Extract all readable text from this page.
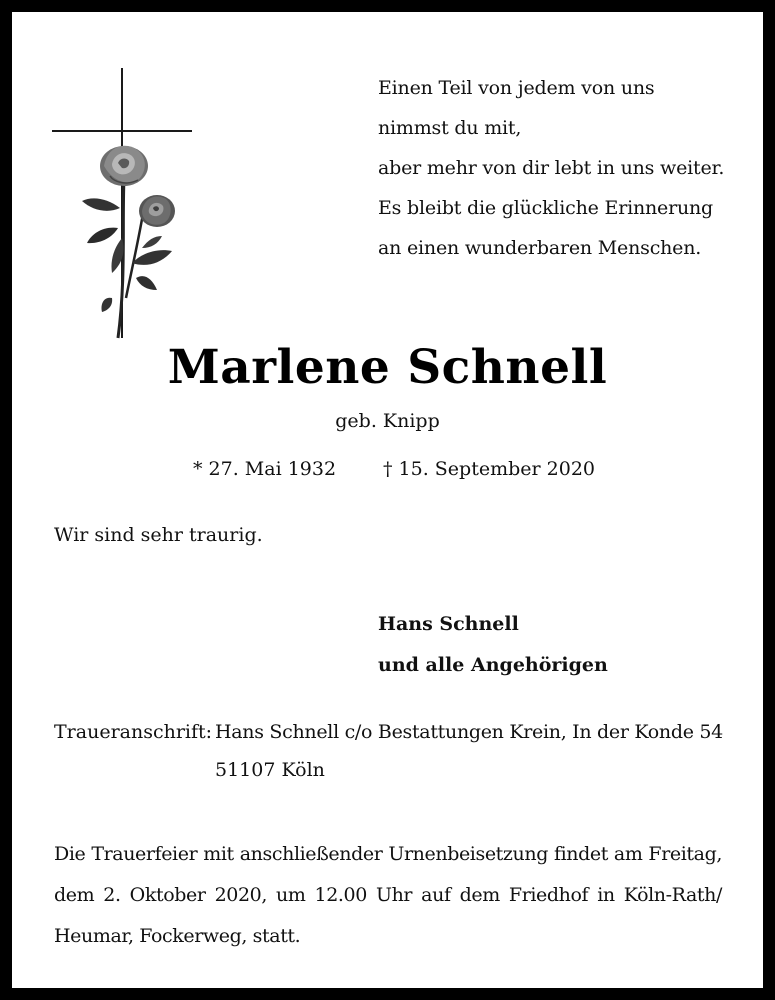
Einen Teil von jedem von uns
nimmst du mit,
aber mehr von dir lebt in uns weiter.
Es bleibt die glückliche Erinnerung
an einen wunderbaren Menschen.
Marlene Schnell
geb. Knipp
* 27. Mai 1932 † 15. September 2020
Wir sind sehr traurig.
Hans Schnell
und alle Angehörigen
Traueranschrift: Hans Schnell c/o Bestattungen Krein, In der Konde 54
51107 Köln
Die Trauerfeier mit anschließender Urnenbeisetzung findet am Freitag,
dem 2. Oktober 2020, um 12.00 Uhr auf dem Friedhof in Köln-Rath/
Heumar, Fockerweg, statt.
